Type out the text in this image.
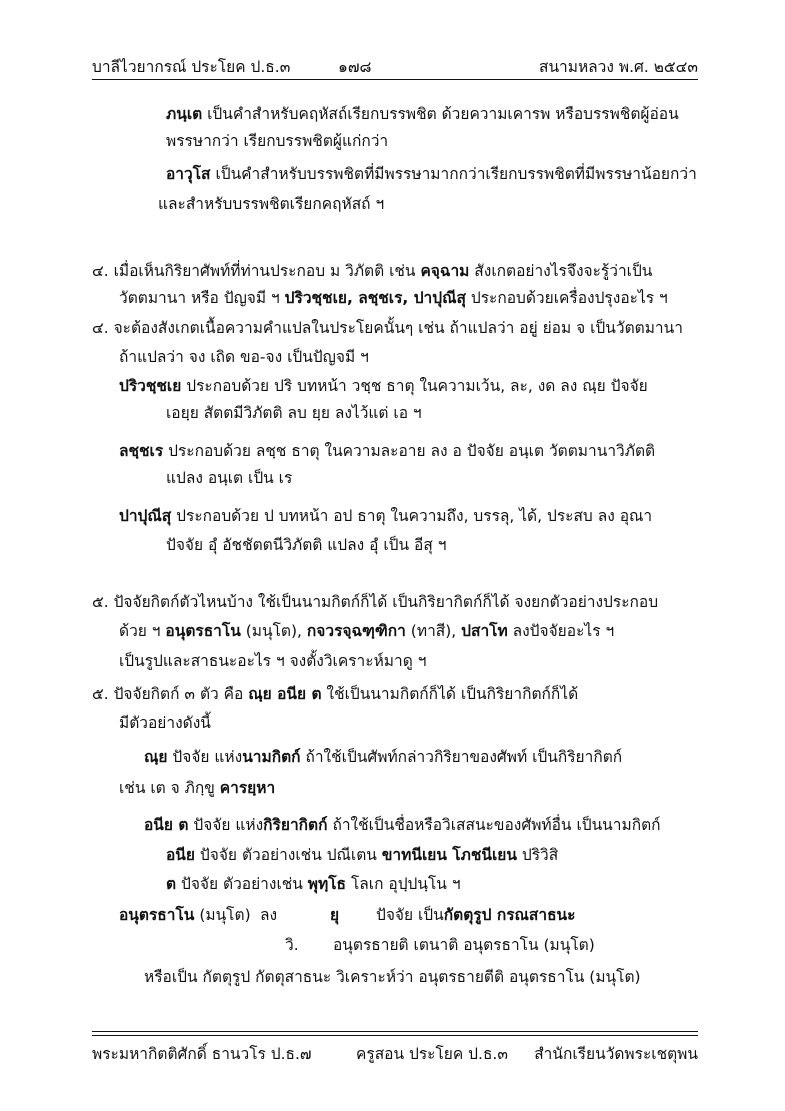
บาลีไวยากรณ์ ประโยค ป.ธ.๓	๑๗๘	สนามหลวง พ.ศ. ๒๕๔๓
ภนฺเต เป็นคำสำหรับคฤหัสถ์เรียกบรรพชิต ด้วยความเคารพ หรือบรรพชิตผู้อ่อน
พรรษากว่า เรียกบรรพชิตผู้แก่กว่า
อาวุโส เป็นคำสำหรับบรรพชิตที่มีพรรษามากกว่าเรียกบรรพชิตที่มีพรรษาน้อยกว่า
และสำหรับบรรพชิตเรียกคฤหัสถ์ ฯ
๔. เมื่อเห็นกิริยาศัพท์ที่ท่านประกอบ ม วิภัตติ เช่น คจฺฉาม สังเกตอย่างไรจึงจะรู้ว่าเป็น
วัตตมานา หรือ ปัญจมี ฯ ปริวชฺชเย, ลชฺชเร, ปาปุณีสุ ประกอบด้วยเครื่องปรุงอะไร ฯ
๔. จะต้องสังเกตเนื้อความคำแปลในประโยคนั้นๆ เช่น ถ้าแปลว่า อยู่ ย่อม จ เป็นวัตตมานา
ถ้าแปลว่า จง เถิด ขอ-จง เป็นปัญจมี ฯ
ปริวชฺชเย ประกอบด้วย ปริ บทหน้า วชฺช ธาตุ ในความเว้น, ละ, งด ลง ณฺย ปัจจัย
เอยฺย สัตตมีวิภัตติ ลบ ยฺย ลงไว้แต่ เอ ฯ
ลชฺชเร ประกอบด้วย ลชฺช ธาตุ ในความละอาย ลง อ ปัจจัย อนฺเต วัตตมานาวิภัตติ
แปลง อนฺเต เป็น เร
ปาปุณีสุ ประกอบด้วย ป บทหน้า อป ธาตุ ในความถึง, บรรลุ, ได้, ประสบ ลง อุณา
ปัจจัย อุํ อัชชัตตนีวิภัตติ แปลง อุํ เป็น อีสุ ฯ
๕. ปัจจัยกิตก์ตัวไหนบ้าง ใช้เป็นนามกิตก์ก็ได้ เป็นกิริยากิตก์ก็ได้ จงยกตัวอย่างประกอบ
ด้วย ฯ อนุตรธาโน (มนุโต), กจวรจฺฉฑฺฑิกา (ทาสี), ปสาโท ลงปัจจัยอะไร ฯ
เป็นรูปและสาธนะอะไร ฯ จงตั้งวิเคราะห์มาดู ฯ
๕. ปัจจัยกิตก์ ๓ ตัว คือ ณฺย อนีย ต ใช้เป็นนามกิตก์ก็ได้ เป็นกิริยากิตก์ก็ได้
มีตัวอย่างดังนี้
ณฺย ปัจจัย แห่งนามกิตก์ ถ้าใช้เป็นศัพท์กล่าวกิริยาของศัพท์ เป็นกิริยากิตก์
เช่น เต จ ภิกฺขู คารยฺหา
อนีย ต ปัจจัย แห่งกิริยากิตก์ ถ้าใช้เป็นชื่อหรือวิเสสนะของศัพท์อื่น เป็นนามกิตก์
อนีย ปัจจัย ตัวอย่างเช่น ปณีเตน ขาทนีเยน โภชนีเยน ปริวิสิ
ต ปัจจัย ตัวอย่างเช่น พุทฺโธ โลเก อุปฺปนฺโน ฯ
อนุตรธาโน (มนุโต) ลง	ยุ ปัจจัย เป็นกัตตุรูป กรณสาธนะ
วิ. อนุตรธายติ เตนาติ อนุตรธาโน (มนุโต)
หรือเป็น กัตตุรูป กัตตุสาธนะ วิเคราะห์ว่า อนุตรธายตีติ อนุตรธาโน (มนุโต)
พระมหากิตติศักดิ์ ธานวโร ป.ธ.๗	ครูสอน ประโยค ป.ธ.๓ สำนักเรียนวัดพระเชตุพน
